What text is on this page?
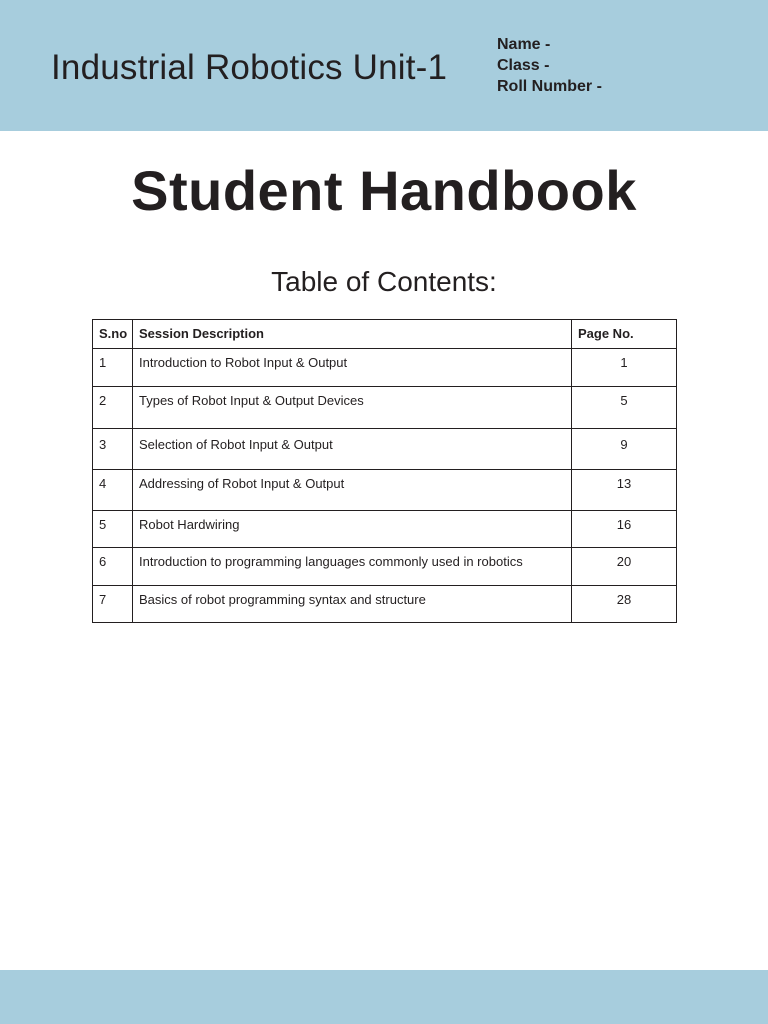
Industrial Robotics Unit-1
Name -
Class -
Roll Number -
Student Handbook
Table of Contents:
S.no	Session Description	Page No.
1	Introduction to Robot Input & Output	1
2	Types of Robot Input & Output Devices	5
3	Selection of Robot Input & Output	9
4	Addressing of Robot Input & Output	13
5	Robot Hardwiring	16
6	Introduction to programming languages commonly used in robotics	20
7	Basics of robot programming syntax and structure	28
